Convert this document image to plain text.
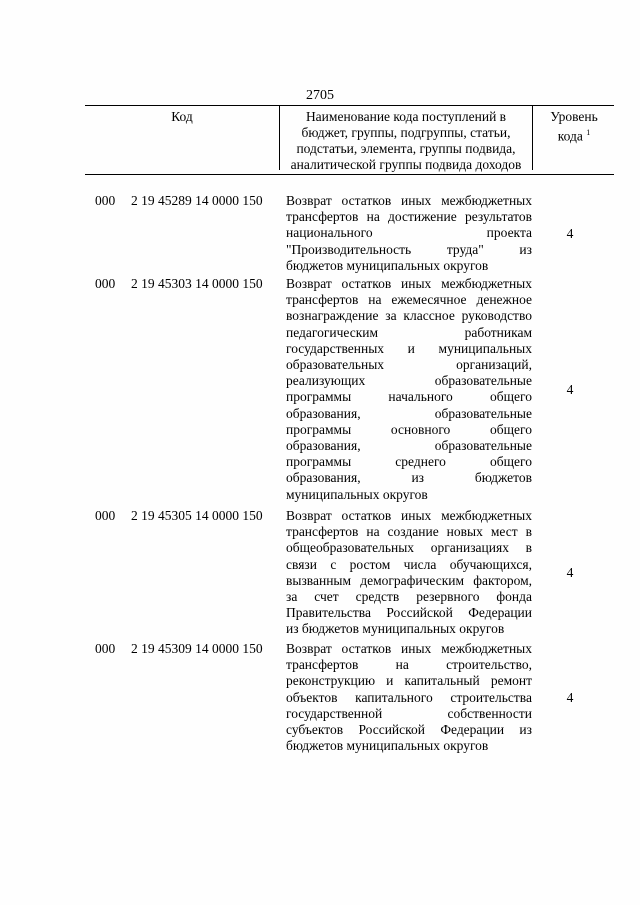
2705
Код	Наименование кода поступлений в
бюджет, группы, подгруппы, статьи,
подстатьи, элемента, группы подвида,
аналитической группы подвида доходов
Уровень
кода $^1$
000 2 19 45289 14 0000 150 Возврат остатков иных межбюджетных
трансфертов на достижение результатов
национального проекта
"Производительность труда" из
бюджетов муниципальных округов
4
000 2 19 45303 14 0000 150 Возврат остатков иных межбюджетных
трансфертов на ежемесячное денежное
вознаграждение за классное руководство
педагогическим работникам
государственных и муниципальных
образовательных организаций,
реализующих образовательные
программы начального общего
образования, образовательные
программы основного общего
образования, образовательные
программы среднего общего
образования, из бюджетов
муниципальных округов
4
000 2 19 45305 14 0000 150 Возврат остатков иных межбюджетных
трансфертов на создание новых мест в
общеобразовательных организациях в
связи с ростом числа обучающихся,
вызванным демографическим фактором,
за счет средств резервного фонда
Правительства Российской Федерации
из бюджетов муниципальных округов
4
000 2 19 45309 14 0000 150 Возврат остатков иных межбюджетных
трансфертов на строительство,
реконструкцию и капитальный ремонт
объектов капитального строительства
государственной собственности
субъектов Российской Федерации из
бюджетов муниципальных округов
4
